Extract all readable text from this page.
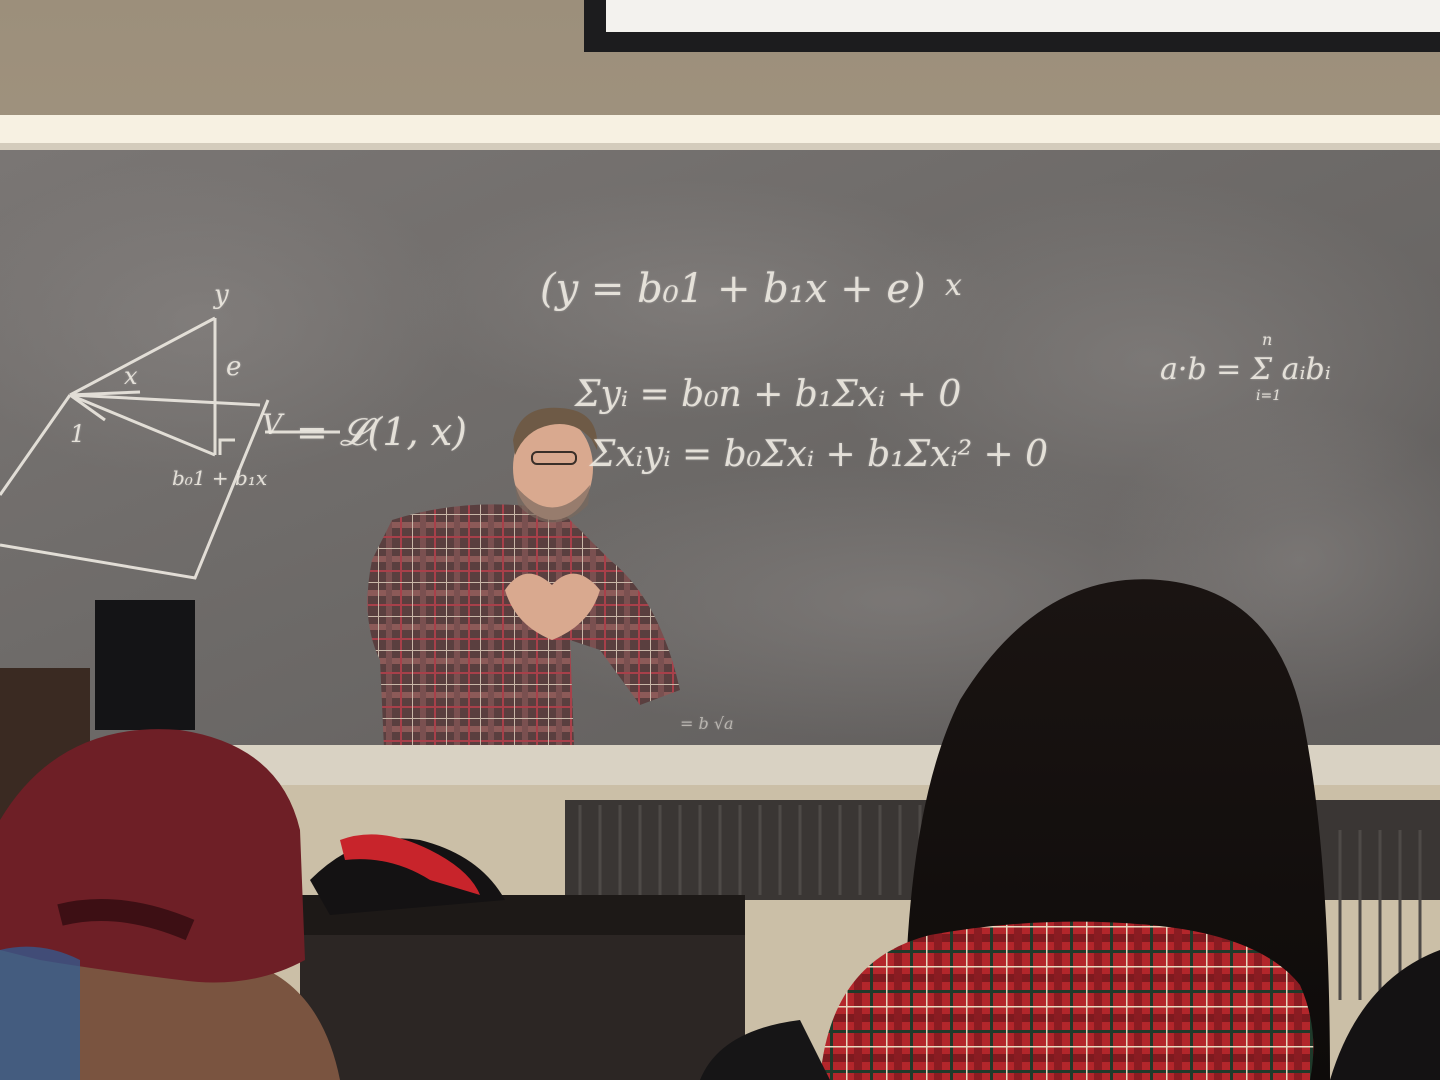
(y = b₀1 + b₁x + e) x
a·b = Σ aᵢbᵢ
n
i=1
Σyᵢ = b₀n + b₁Σxᵢ + 0
Σxᵢyᵢ = b₀Σxᵢ + b₁Σxᵢ² + 0
y
e
x
1
b₀1 + b₁x
V = 𝓛(1, x)
= b √a
